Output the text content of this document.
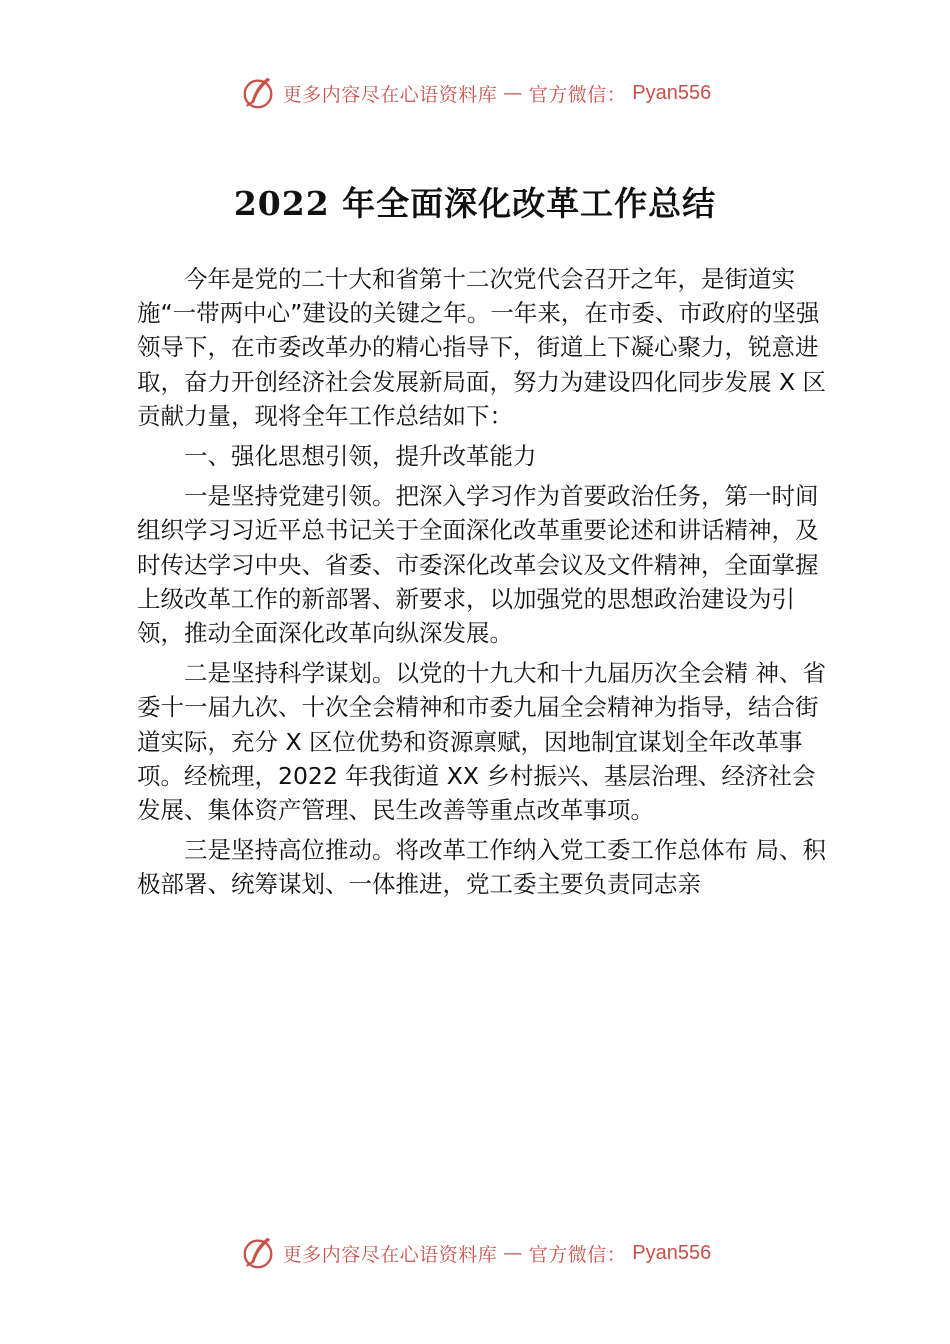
更多内容尽在心语资料库 — 官方微信： Pyan556
2022 年全面深化改革工作总结

今年是党的二十大和省第十二次党代会召开之年，是街道实施“一带两中心”建设的关键之年。一年来，在市委、市政府的坚强领导下，在市委改革办的精心指导下，街道上下凝心聚力，锐意进取，奋力开创经济社会发展新局面，努力为建设四化同步发展 X 区贡献力量，现将全年工作总结如下：

一、强化思想引领，提升改革能力

一是坚持党建引领。把深入学习作为首要政治任务，第一时间组织学习习近平总书记关于全面深化改革重要论述和讲话精神，及时传达学习中央、省委、市委深化改革会议及文件精神，全面掌握上级改革工作的新部署、新要求，以加强党的思想政治建设为引领，推动全面深化改革向纵深发展。

二是坚持科学谋划。以党的十九大和十九届历次全会精 神、省委十一届九次、十次全会精神和市委九届全会精神为指导，结合街道实际，充分 X 区位优势和资源禀赋，因地制宜谋划全年改革事项。经梳理，2022 年我街道 XX 乡村振兴、基层治理、经济社会发展、集体资产管理、民生改善等重点改革事项。

三是坚持高位推动。将改革工作纳入党工委工作总体布 局、积极部署、统筹谋划、一体推进，党工委主要负责同志亲

更多内容尽在心语资料库 — 官方微信： Pyan556
